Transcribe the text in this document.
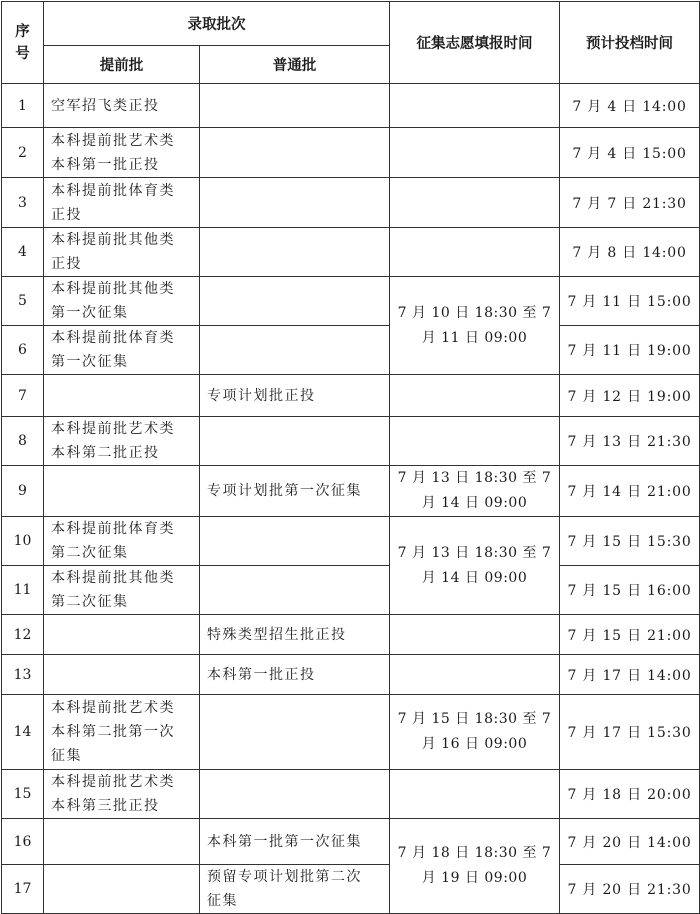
序
号	录取批次		征集志愿填报时间	预计投档时间
	提前批	普通批		
1	空军招飞类正投			7 月 4 日 14:00
2	本科提前批艺术类
本科第一批正投			7 月 4 日 15:00
3	本科提前批体育类
正投			7 月 7 日 21:30
4	本科提前批其他类
正投			7 月 8 日 14:00
5	本科提前批其他类
第一次征集		7 月 10 日 18:30 至 7
月 11 日 09:00	7 月 11 日 15:00
6	本科提前批体育类
第一次征集			7 月 11 日 19:00
7		专项计划批正投		7 月 12 日 19:00
8	本科提前批艺术类
本科第二批正投			7 月 13 日 21:30
9		专项计划批第一次征集	7 月 13 日 18:30 至 7
月 14 日 09:00	7 月 14 日 21:00
10	本科提前批体育类
第二次征集		7 月 13 日 18:30 至 7
月 14 日 09:00	7 月 15 日 15:30
11	本科提前批其他类
第二次征集			7 月 15 日 16:00
12		特殊类型招生批正投		7 月 15 日 21:00
13		本科第一批正投		7 月 17 日 14:00
14	本科提前批艺术类
本科第二批第一次
征集		7 月 15 日 18:30 至 7
月 16 日 09:00	7 月 17 日 15:30
15	本科提前批艺术类
本科第三批正投			7 月 18 日 20:00
16		本科第一批第一次征集	7 月 18 日 18:30 至 7
月 19 日 09:00	7 月 20 日 14:00
17		预留专项计划批第二次
征集		7 月 20 日 21:30
